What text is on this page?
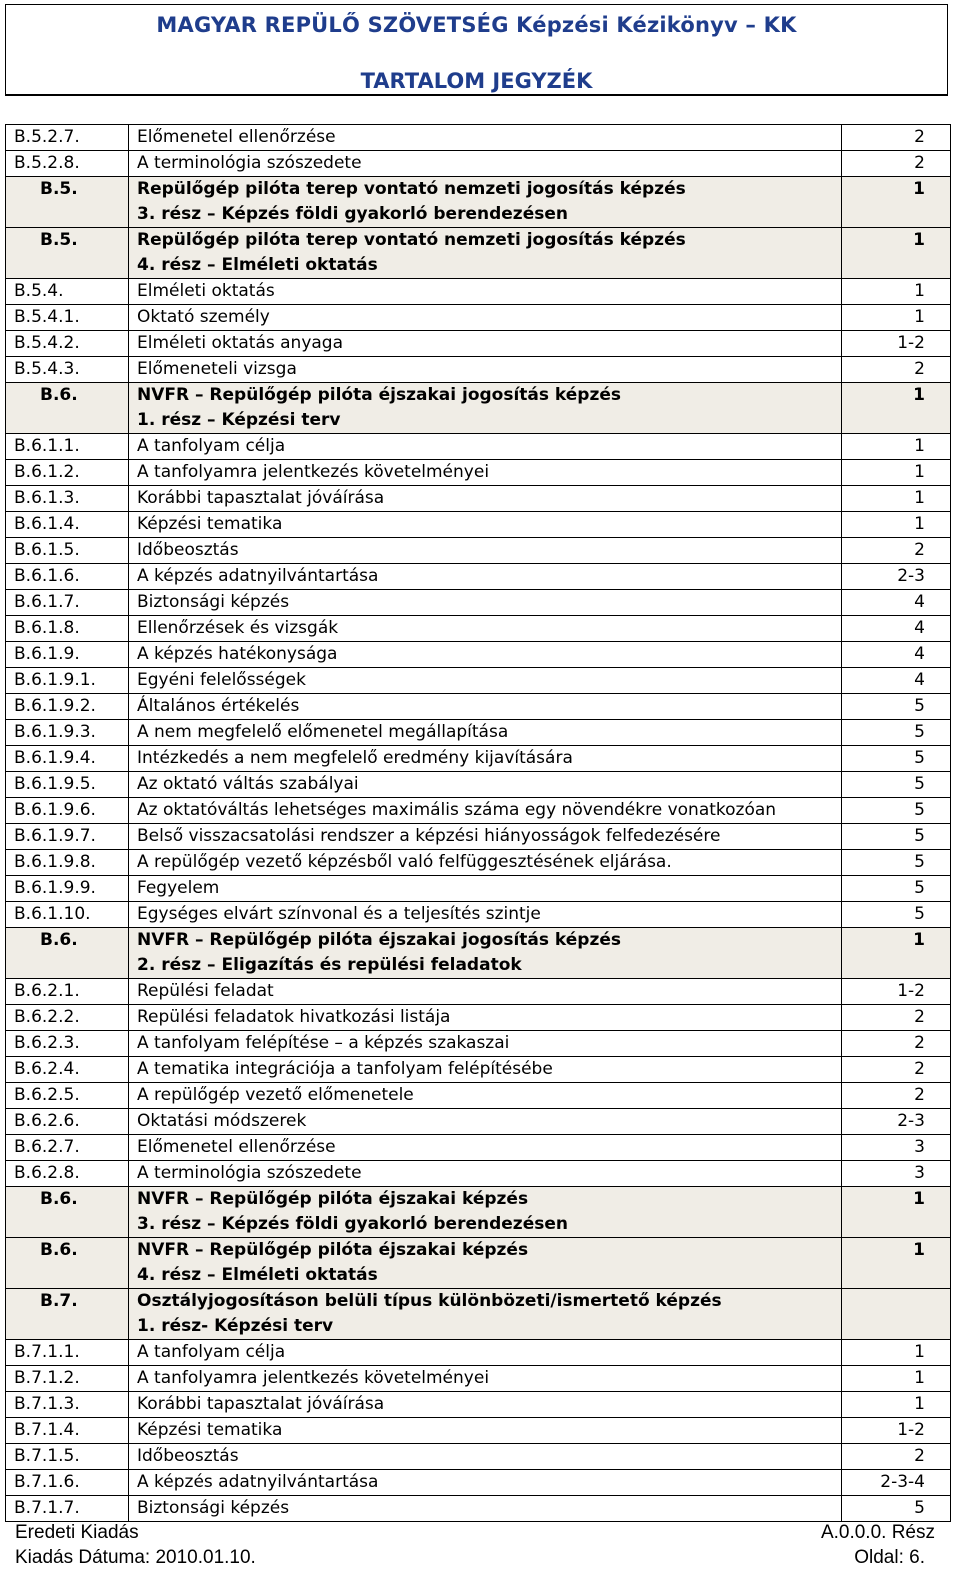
MAGYAR REPÜLŐ SZÖVETSÉG Képzési Kézikönyv – KK
TARTALOM JEGYZÉK
B.5.2.7.	Előmenetel ellenőrzése	2
B.5.2.8.	A terminológia szószedete	2
B.5.	Repülőgép pilóta terep vontató nemzeti jogosítás képzés
3. rész – Képzés földi gyakorló berendezésen	1
B.5.	Repülőgép pilóta terep vontató nemzeti jogosítás képzés
4. rész – Elméleti oktatás	1
B.5.4.	Elméleti oktatás	1
B.5.4.1.	Oktató személy	1
B.5.4.2.	Elméleti oktatás anyaga	1-2
B.5.4.3.	Előmeneteli vizsga	2
B.6.	NVFR – Repülőgép pilóta éjszakai jogosítás képzés
1. rész – Képzési terv	1
B.6.1.1.	A tanfolyam célja	1
B.6.1.2.	A tanfolyamra jelentkezés követelményei	1
B.6.1.3.	Korábbi tapasztalat jóváírása	1
B.6.1.4.	Képzési tematika	1
B.6.1.5.	Időbeosztás	2
B.6.1.6.	A képzés adatnyilvántartása	2-3
B.6.1.7.	Biztonsági képzés	4
B.6.1.8.	Ellenőrzések és vizsgák	4
B.6.1.9.	A képzés hatékonysága	4
B.6.1.9.1.	Egyéni felelősségek	4
B.6.1.9.2.	Általános értékelés	5
B.6.1.9.3.	A nem megfelelő előmenetel megállapítása	5
B.6.1.9.4.	Intézkedés a nem megfelelő eredmény kijavítására	5
B.6.1.9.5.	Az oktató váltás szabályai	5
B.6.1.9.6.	Az oktatóváltás lehetséges maximális száma egy növendékre vonatkozóan	5
B.6.1.9.7.	Belső visszacsatolási rendszer a képzési hiányosságok felfedezésére	5
B.6.1.9.8.	A repülőgép vezető képzésből való felfüggesztésének eljárása.	5
B.6.1.9.9.	Fegyelem	5
B.6.1.10.	Egységes elvárt színvonal és a teljesítés szintje	5
B.6.	NVFR – Repülőgép pilóta éjszakai jogosítás képzés
2. rész – Eligazítás és repülési feladatok	1
B.6.2.1.	Repülési feladat	1-2
B.6.2.2.	Repülési feladatok hivatkozási listája	2
B.6.2.3.	A tanfolyam felépítése – a képzés szakaszai	2
B.6.2.4.	A tematika integrációja a tanfolyam felépítésébe	2
B.6.2.5.	A repülőgép vezető előmenetele	2
B.6.2.6.	Oktatási módszerek	2-3
B.6.2.7.	Előmenetel ellenőrzése	3
B.6.2.8.	A terminológia szószedete	3
B.6.	NVFR – Repülőgép pilóta éjszakai képzés
3. rész – Képzés földi gyakorló berendezésen	1
B.6.	NVFR – Repülőgép pilóta éjszakai képzés
4. rész – Elméleti oktatás	1
B.7.	Osztályjogosításon belüli típus különbözeti/ismertető képzés
1. rész- Képzési terv	

B.7.1.1.	A tanfolyam célja	1
B.7.1.2.	A tanfolyamra jelentkezés követelményei	1
B.7.1.3.	Korábbi tapasztalat jóváírása	1
B.7.1.4.	Képzési tematika	1-2
B.7.1.5.	Időbeosztás	2
B.7.1.6.	A képzés adatnyilvántartása	2-3-4
B.7.1.7.	Biztonsági képzés	5
Eredeti Kiadás
Kiadás Dátuma: 2010.01.10.
A.0.0.0. Rész
Oldal: 6.
